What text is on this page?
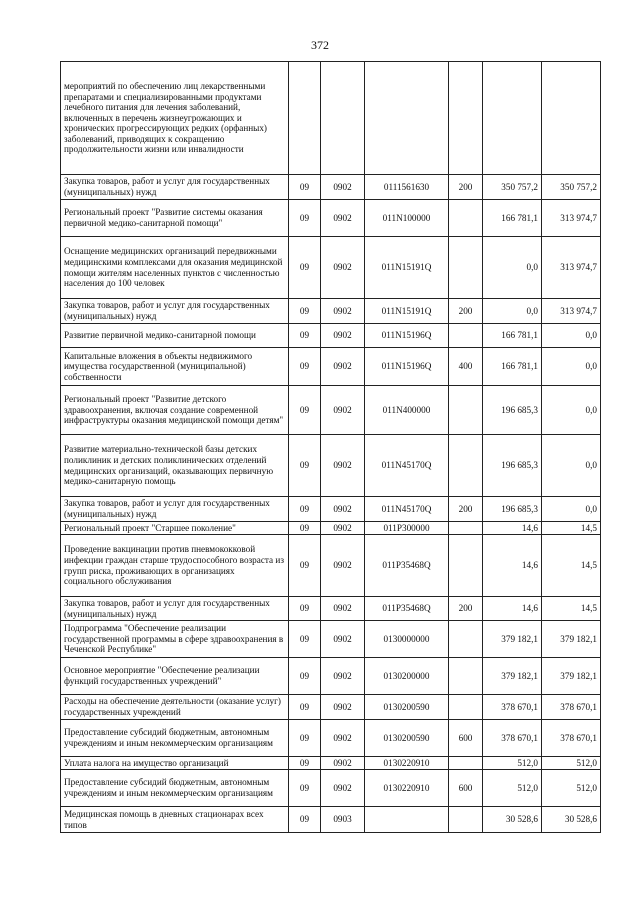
372
мероприятий по обеспечению лиц лекарственными препаратами и специализированными продуктами лечебного питания для лечения заболеваний, включенных в перечень жизнеугрожающих и хронических прогрессирующих редких (орфанных) заболеваний, приводящих к сокращению продолжительности жизни или инвалидности						
Закупка товаров, работ и услуг для государственных (муниципальных) нужд	09	0902	0111561630	200	350 757,2	350 757,2
Региональный проект "Развитие системы оказания первичной медико-санитарной помощи"	09	0902	011N100000		166 781,1	313 974,7
Оснащение медицинских организаций передвижными медицинскими комплексами для оказания медицинской помощи жителям населенных пунктов с численностью населения до 100 человек	09	0902	011N15191Q		0,0	313 974,7
Закупка товаров, работ и услуг для государственных (муниципальных) нужд	09	0902	011N15191Q	200	0,0	313 974,7
Развитие первичной медико-санитарной помощи	09	0902	011N15196Q		166 781,1	0,0
Капитальные вложения в объекты недвижимого имущества государственной (муниципальной) собственности	09	0902	011N15196Q	400	166 781,1	0,0
Региональный проект "Развитие детского здравоохранения, включая создание современной инфраструктуры оказания медицинской помощи детям"	09	0902	011N400000		196 685,3	0,0
Развитие материально-технической базы детских поликлиник и детских поликлинических отделений медицинских организаций, оказывающих первичную медико-санитарную помощь	09	0902	011N45170Q		196 685,3	0,0
Закупка товаров, работ и услуг для государственных (муниципальных) нужд	09	0902	011N45170Q	200	196 685,3	0,0
Региональный проект "Старшее поколение"	09	0902	011P300000		14,6	14,5
Проведение вакцинации против пневмококковой инфекции граждан старше трудоспособного возраста из групп риска, проживающих в организациях социального обслуживания	09	0902	011P35468Q		14,6	14,5
Закупка товаров, работ и услуг для государственных (муниципальных) нужд	09	0902	011P35468Q	200	14,6	14,5
Подпрограмма "Обеспечение реализации государственной программы в сфере здравоохранения в Чеченской Республике"	09	0902	0130000000		379 182,1	379 182,1
Основное мероприятие "Обеспечение реализации функций государственных учреждений"	09	0902	0130200000		379 182,1	379 182,1
Расходы на обеспечение деятельности (оказание услуг) государственных учреждений	09	0902	0130200590		378 670,1	378 670,1
Предоставление субсидий бюджетным, автономным учреждениям и иным некоммерческим организациям	09	0902	0130200590	600	378 670,1	378 670,1
Уплата налога на имущество организаций	09	0902	0130220910		512,0	512,0
Предоставление субсидий бюджетным, автономным учреждениям и иным некоммерческим организациям	09	0902	0130220910	600	512,0	512,0
Медицинская помощь в дневных стационарах всех типов	09	0903			30 528,6	30 528,6
